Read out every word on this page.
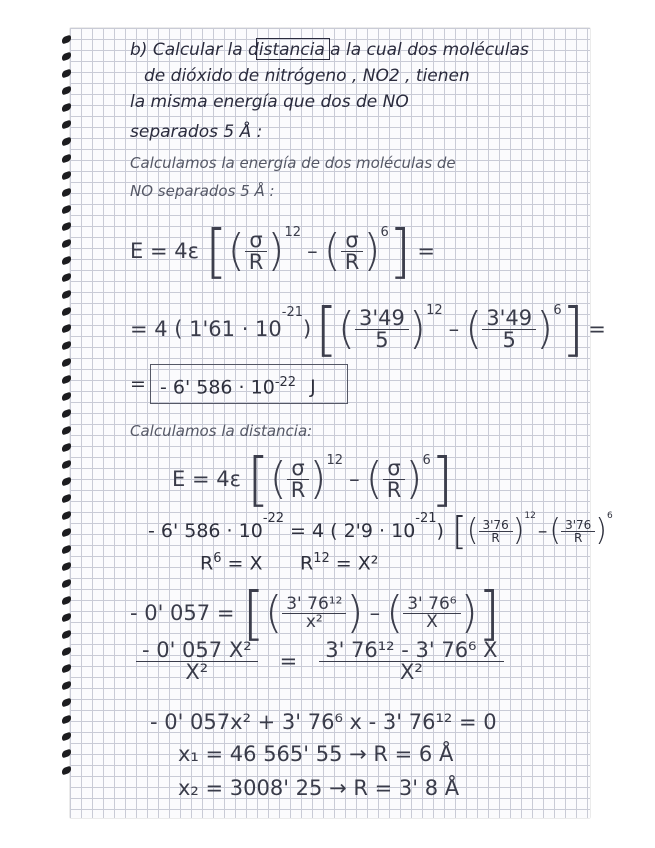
b) Calcular la distancia a la cual dos moléculas
de dióxido de nitrógeno , NO2 , tienen
la misma energía que dos de NO
separados 5 Å :
Calculamos la energía de dos moléculas de
NO separados 5 Å :
E = 4ε [ ( $\frac{\sigma}{R} )^{12}$
– ( $\frac{\sigma}{R} )^6$ ] =
= 4 ( 1'61 · 10
$^{-21}$
) [ ( $\frac{3'49}{5} )^{12}$
– ( $\frac{3'49}{5} )^6$ ] =
= - 6' $586 \cdot 10^{-22}$ J
Calculamos la distancia:
E = 4ε [ ( $\frac{\sigma}{R} )^{12}$
– ( $\frac{\sigma}{R} )^6$ ]
- 6' 586 · 10
$^{-22}$
= 4 ( 2'9 · 10
$^{-21}$
) [ ( $\frac{3'76}{R} )^{12}$
– ( $\frac{3'76}{R} )^6$
$R^6 = X$ $R^{12} = X^2$
- 0' 057 = [ ( $\frac{\text{3' 76¹²}}{\text{x²}}$ ) – ( $\frac{\text{3' 76⁶}}{X}$ ) ]
$\frac{\text{- 0' 057 X²}}{\text{X²}} = \frac{\text{3' 76¹² - 3' 76⁶ X}}{\text{X²}}$
- 0' 057x² + 3' 76⁶ x - 3' 76¹² = 0
x₁ = 46 565' 55 → R = 6 Å
x₂ = 3008' 25 → R = 3' 8 Å
